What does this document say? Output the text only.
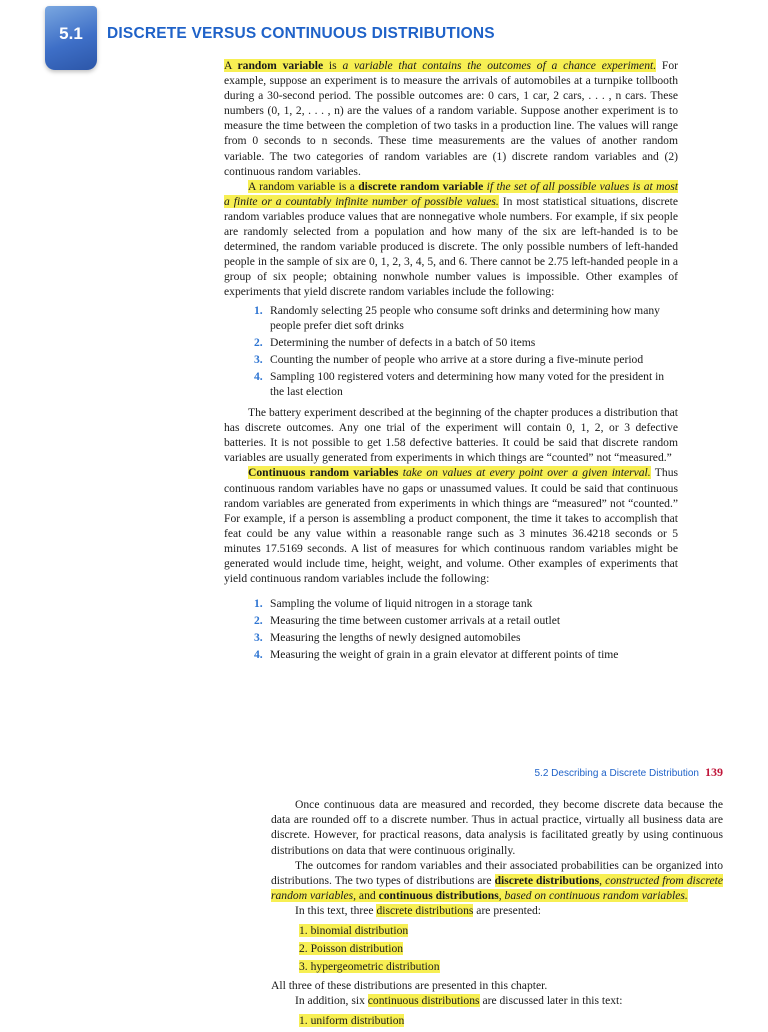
5.1	DISCRETE VERSUS CONTINUOUS DISTRIBUTIONS

A random variable is a variable that contains the outcomes of a chance experiment. For example, suppose an experiment is to measure the arrivals of automobiles at a turnpike tollbooth during a 30-second period. The possible outcomes are: 0 cars, 1 car, 2 cars, . . . , n cars. These numbers (0, 1, 2, . . . , n) are the values of a random variable. Suppose another experiment is to measure the time between the completion of two tasks in a production line. The values will range from 0 seconds to n seconds. These time measurements are the values of another random variable. The two categories of random variables are (1) discrete random variables and (2) continuous random variables.

A random variable is a discrete random variable if the set of all possible values is at most a finite or a countably infinite number of possible values. In most statistical situations, discrete random variables produce values that are nonnegative whole numbers. For example, if six people are randomly selected from a population and how many of the six are left-handed is to be determined, the random variable produced is discrete. The only possible numbers of left-handed people in the sample of six are 0, 1, 2, 3, 4, 5, and 6. There cannot be 2.75 left-handed people in a group of six people; obtaining nonwhole number values is impossible. Other examples of experiments that yield discrete random variables include the following:

1. Randomly selecting 25 people who consume soft drinks and determining how many people prefer diet soft drinks
2. Determining the number of defects in a batch of 50 items
3. Counting the number of people who arrive at a store during a five-minute period
4. Sampling 100 registered voters and determining how many voted for the president in the last election

The battery experiment described at the beginning of the chapter produces a distribution that has discrete outcomes. Any one trial of the experiment will contain 0, 1, 2, or 3 defective batteries. It is not possible to get 1.58 defective batteries. It could be said that discrete random variables are usually generated from experiments in which things are “counted” not “measured.”

Continuous random variables take on values at every point over a given interval. Thus continuous random variables have no gaps or unassumed values. It could be said that continuous random variables are generated from experiments in which things are “measured” not “counted.” For example, if a person is assembling a product component, the time it takes to accomplish that feat could be any value within a reasonable range such as 3 minutes 36.4218 seconds or 5 minutes 17.5169 seconds. A list of measures for which continuous random variables might be generated would include time, height, weight, and volume. Other examples of experiments that yield continuous random variables include the following:

1. Sampling the volume of liquid nitrogen in a storage tank
2. Measuring the time between customer arrivals at a retail outlet
3. Measuring the lengths of newly designed automobiles
4. Measuring the weight of grain in a grain elevator at different points of time
5.2 Describing a Discrete Distribution 139

Once continuous data are measured and recorded, they become discrete data because the data are rounded off to a discrete number. Thus in actual practice, virtually all business data are discrete. However, for practical reasons, data analysis is facilitated greatly by using continuous distributions on data that were continuous originally.

The outcomes for random variables and their associated probabilities can be organized into distributions. The two types of distributions are discrete distributions, constructed from discrete random variables, and continuous distributions, based on continuous random variables.

In this text, three discrete distributions are presented:

1. binomial distribution
2. Poisson distribution
3. hypergeometric distribution

All three of these distributions are presented in this chapter.

In addition, six continuous distributions are discussed later in this text:

1. uniform distribution
